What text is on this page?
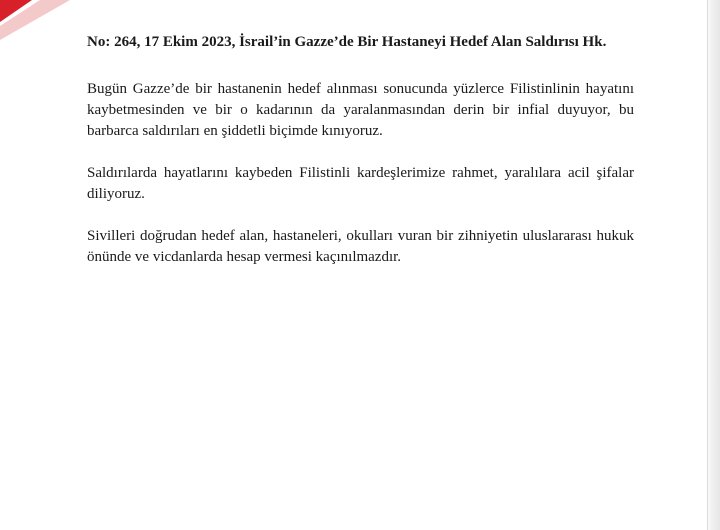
No: 264, 17 Ekim 2023, İsrail’in Gazze’de Bir Hastaneyi Hedef Alan Saldırısı Hk.

Bugün Gazze’de bir hastanenin hedef alınması sonucunda yüzlerce Filistinlinin hayatını kaybetmesinden ve bir o kadarının da yaralanmasından derin bir infial duyuyor, bu barbarca saldırıları en şiddetli biçimde kınıyoruz.

Saldırılarda hayatlarını kaybeden Filistinli kardeşlerimize rahmet, yaralılara acil şifalar diliyoruz.

Sivilleri doğrudan hedef alan, hastaneleri, okulları vuran bir zihniyetin uluslararası hukuk önünde ve vicdanlarda hesap vermesi kaçınılmazdır.
